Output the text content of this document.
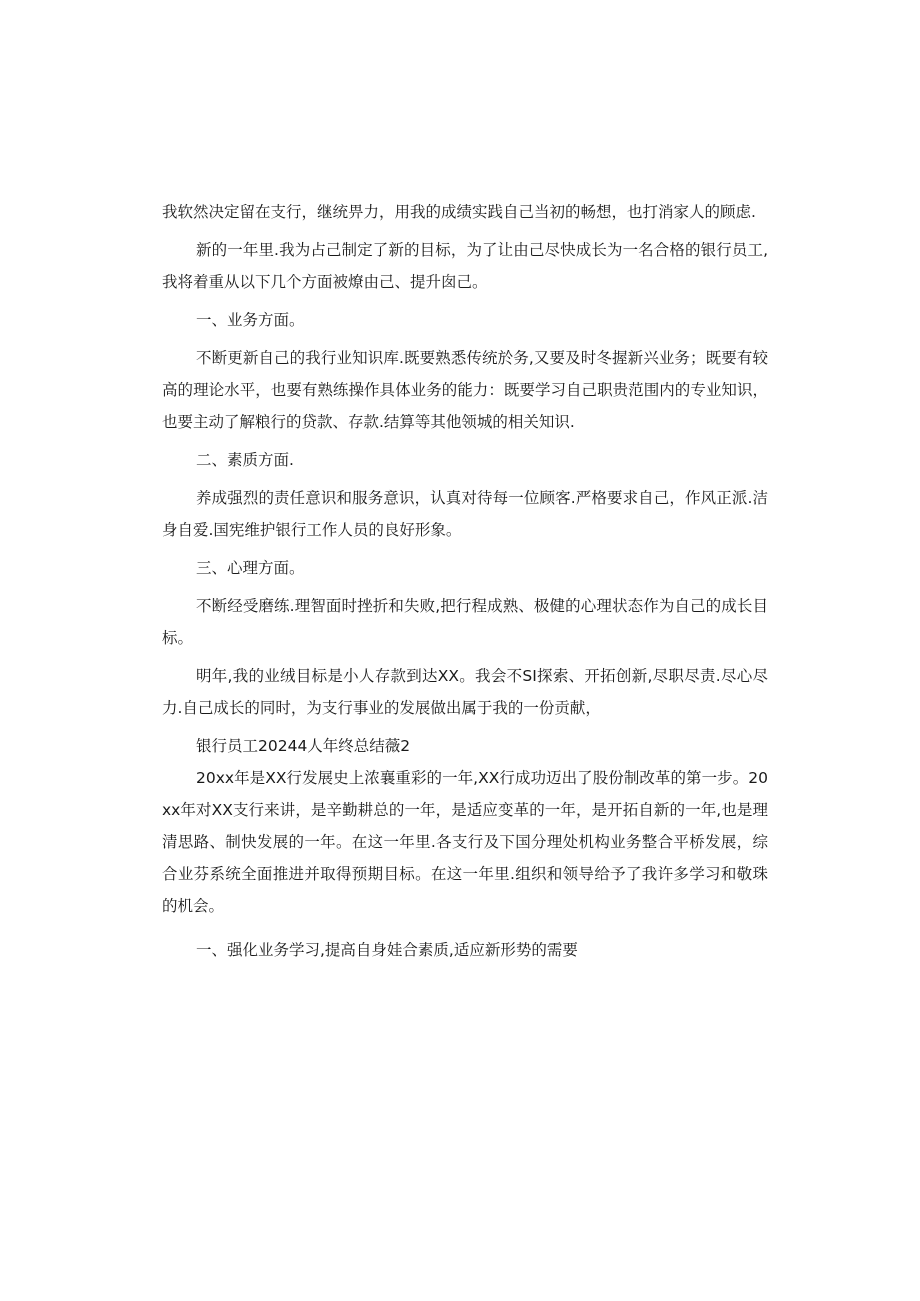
我软然决定留在支行，继统畀力，用我的成绩实践自己当初的畅想，也打消家人的顾虑.

新的一年里.我为占己制定了新的目标，为了让由己尽快成长为一名合格的银行员工,我将着重从以下几个方面被燎由己、提升囱己。

一、业务方面。

不断更新自己的我行业知识库.既要熟悉传统於务,又要及时冬握新兴业务；既要有较高的理论水平，也要有熟练操作具体业务的能力：既要学习自己职贵范围内的专业知识，也要主动了解粮行的贷款、存款.结算等其他领城的相关知识.

二、素质方面.

养成强烈的责任意识和服务意识，认真对待每一位顾客.严格要求自己，作风正派.洁身自爱.国宪维护银行工作人员的良好形象。

三、心理方面。

不断经受磨练.理智面时挫折和失败,把行程成熟、极健的心理状态作为自己的成长目标。

明年,我的业绒目标是小人存款到达XX。我会不SI探索、开拓创新,尽职尽责.尽心尽力.自己成长的同时，为支行事业的发展做出属于我的一份贡献，

银行员工20244人年终总结薇2

20xx年是XX行发展史上浓襄重彩的一年,XX行成功迈出了股份制改革的第一步。20xx年对XX支行来讲，是辛勤耕总的一年，是适应变革的一年，是开拓自新的一年,也是理清思路、制快发展的一年。在这一年里.各支行及下国分理处机构业务整合平桥发展，综合业芬系统全面推进并取得预期目标。在这一年里.组织和领导给予了我许多学习和敬珠的机会。

一、强化业务学习,提高自身娃合素质,适应新形势的需要
